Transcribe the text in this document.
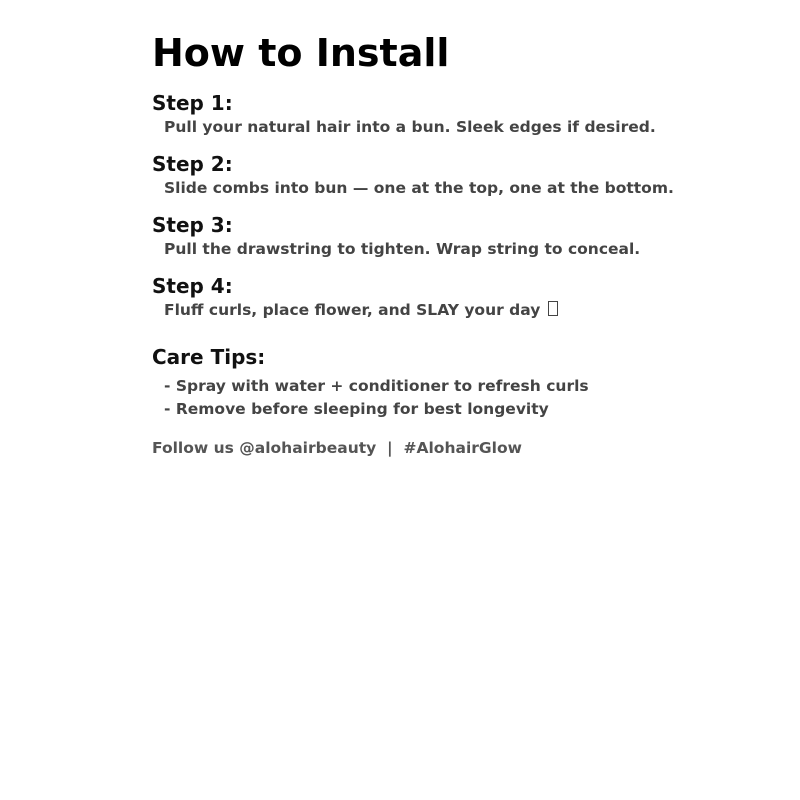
How to Install

Step 1:

Pull your natural hair into a bun. Sleek edges if desired.

Step 2:

Slide combs into bun — one at the top, one at the bottom.

Step 3:

Pull the drawstring to tighten. Wrap string to conceal.

Step 4:

Fluff curls, place flower, and SLAY your day

Care Tips:

- Spray with water + conditioner to refresh curls

- Remove before sleeping for best longevity

Follow us @alohairbeauty | #AlohairGlow
